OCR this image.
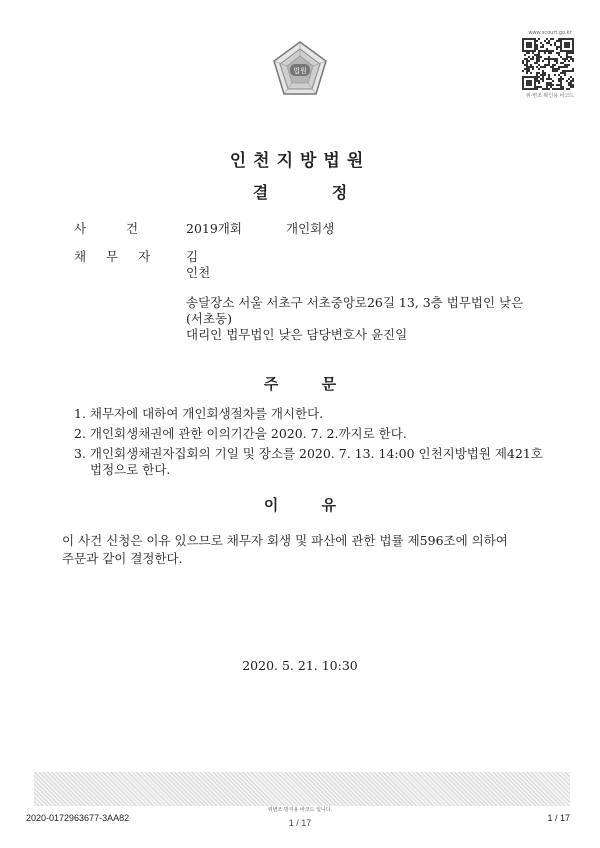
법원
www.scourt.go.kr
위·변조 확인용 바코드
인천지방법원
결 정
사 건	2019개회	개인회생
채 무 자	김
인천
송달장소 서울 서초구 서초중앙로26길 13, 3층 법무법인 낮은
(서초동)
대리인 법무법인 낮은 담당변호사 윤진일
주 문
1. 채무자에 대하여 개인회생절차를 개시한다.
2. 개인회생채권에 관한 이의기간을 2020. 7. 2.까지로 한다.
3. 개인회생채권자집회의 기일 및 장소를 2020. 7. 13. 14:00 인천지방법원 제421호
법정으로 한다.
이 유
이 사건 신청은 이유 있으므로 채무자 회생 및 파산에 관한 법률 제596조에 의하여
주문과 같이 결정한다.
2020. 5. 21. 10:30
위변조 방지용 바코드 입니다.
2020-0172963677-3AA82	1 / 17	1 / 17
